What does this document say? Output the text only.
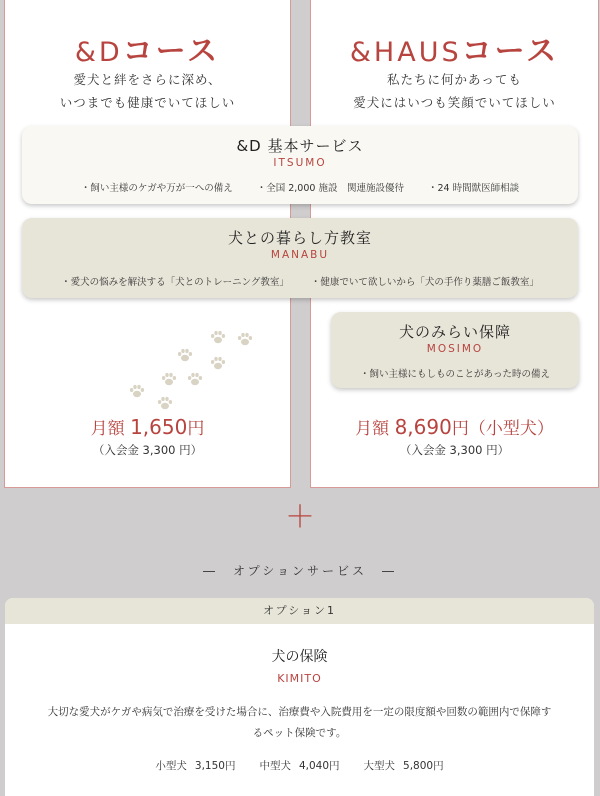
&Dコース
愛犬と絆をさらに深め、
いつまでも健康でいてほしい
月額 1,650円
（入会金 3,300 円）
&HAUSコース
私たちに何かあっても
愛犬にはいつも笑顔でいてほしい
月額 8,690円（小型犬）
（入会金 3,300 円）
&D 基本サービス
ITSUMO
・飼い主様のケガや万が一への備え	・全国 2,000 施設　関連施設優待	・24 時間獣医師相談
犬との暮らし方教室
MANABU
・愛犬の悩みを解決する「犬とのトレーニング教室」 ・健康でいて欲しいから「犬の手作り薬膳ご飯教室」
犬のみらい保障
MOSIMO
・飼い主様にもしものことがあった時の備え
＋
―　オプションサービス　―
オプション1
犬の保険
KIMITO
大切な愛犬がケガや病気で治療を受けた場合に、治療費や入院費用を一定の限度額や回数の範囲内で保障するペット保険です。
小型犬 3,150円 中型犬 4,040円 大型犬 5,800円
